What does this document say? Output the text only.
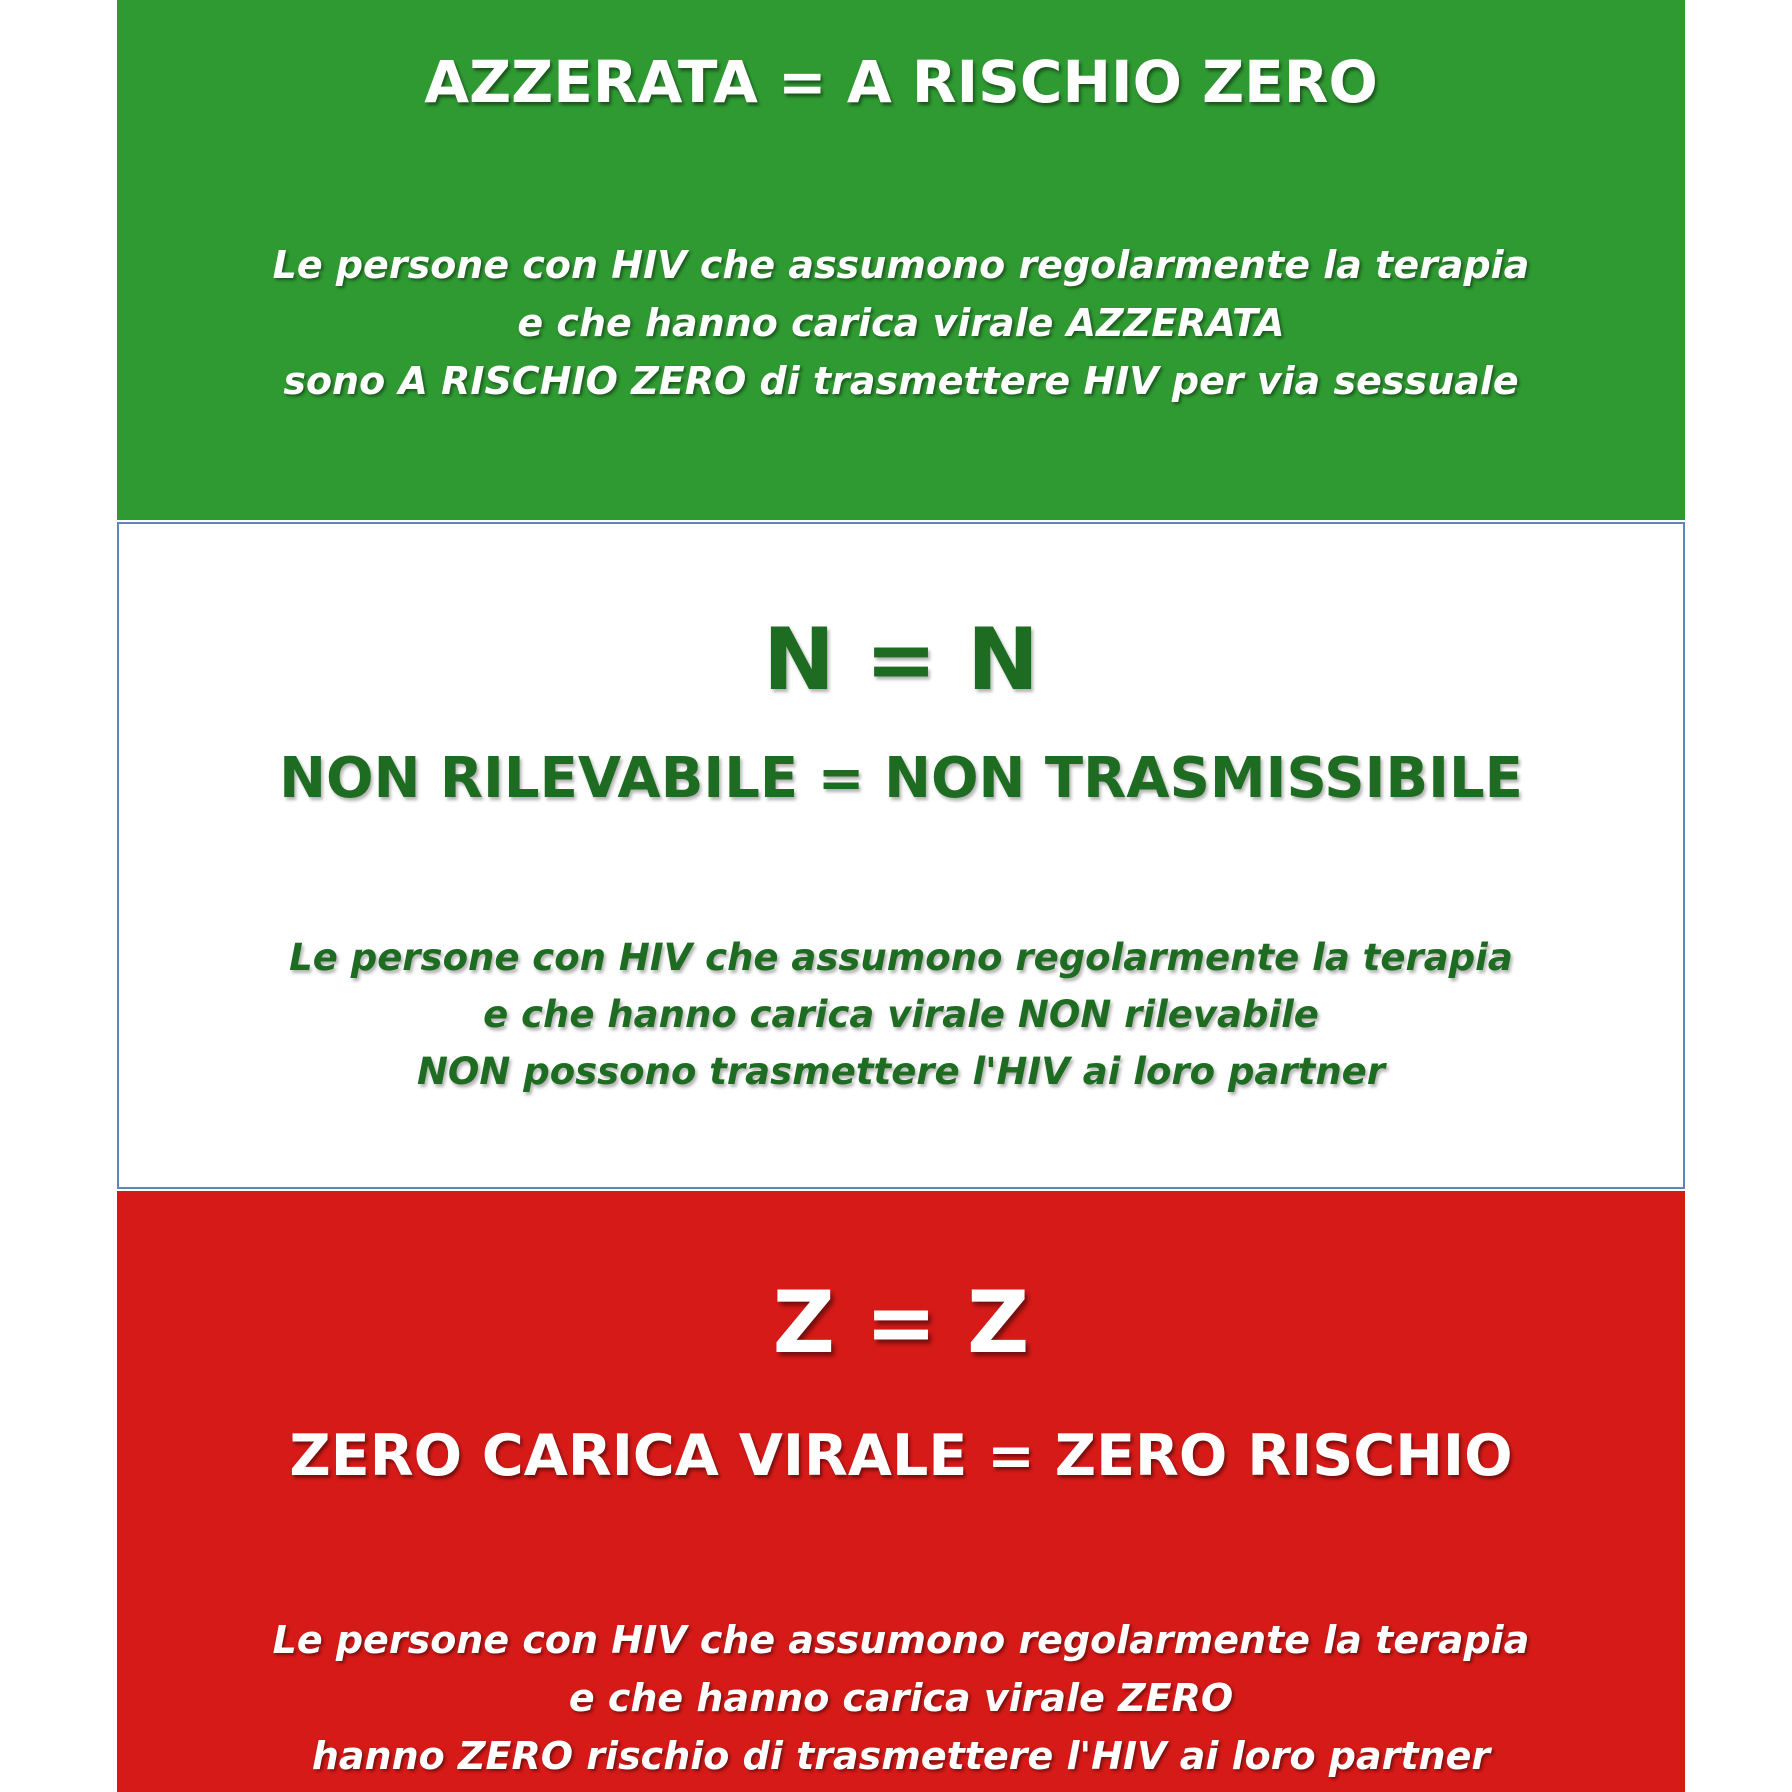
AZZERATA = A RISCHIO ZERO
Le persone con HIV che assumono regolarmente la terapia
e che hanno carica virale AZZERATA
sono A RISCHIO ZERO di trasmettere HIV per via sessuale
N = N
NON RILEVABILE = NON TRASMISSIBILE
Le persone con HIV che assumono regolarmente la terapia
e che hanno carica virale NON rilevabile
NON possono trasmettere l'HIV ai loro partner
Z = Z
ZERO CARICA VIRALE = ZERO RISCHIO
Le persone con HIV che assumono regolarmente la terapia
e che hanno carica virale ZERO
hanno ZERO rischio di trasmettere l'HIV ai loro partner
